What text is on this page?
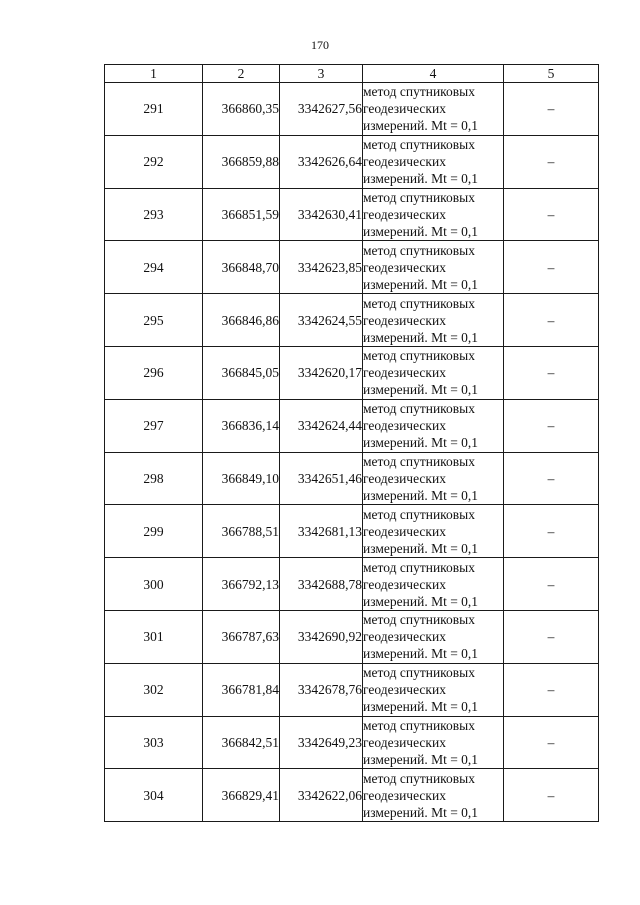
170
1	2	3	4	5
291	366860,35	3342627,56	метод спутниковых
геодезических
измерений. Mt = 0,1	–
292	366859,88	3342626,64	метод спутниковых
геодезических
измерений. Mt = 0,1	–
293	366851,59	3342630,41	метод спутниковых
геодезических
измерений. Mt = 0,1	–
294	366848,70	3342623,85	метод спутниковых
геодезических
измерений. Mt = 0,1	–
295	366846,86	3342624,55	метод спутниковых
геодезических
измерений. Mt = 0,1	–
296	366845,05	3342620,17	метод спутниковых
геодезических
измерений. Mt = 0,1	–
297	366836,14	3342624,44	метод спутниковых
геодезических
измерений. Mt = 0,1	–
298	366849,10	3342651,46	метод спутниковых
геодезических
измерений. Mt = 0,1	–
299	366788,51	3342681,13	метод спутниковых
геодезических
измерений. Mt = 0,1	–
300	366792,13	3342688,78	метод спутниковых
геодезических
измерений. Mt = 0,1	–
301	366787,63	3342690,92	метод спутниковых
геодезических
измерений. Mt = 0,1	–
302	366781,84	3342678,76	метод спутниковых
геодезических
измерений. Mt = 0,1	–
303	366842,51	3342649,23	метод спутниковых
геодезических
измерений. Mt = 0,1	–
304	366829,41	3342622,06	метод спутниковых
геодезических
измерений. Mt = 0,1	–
